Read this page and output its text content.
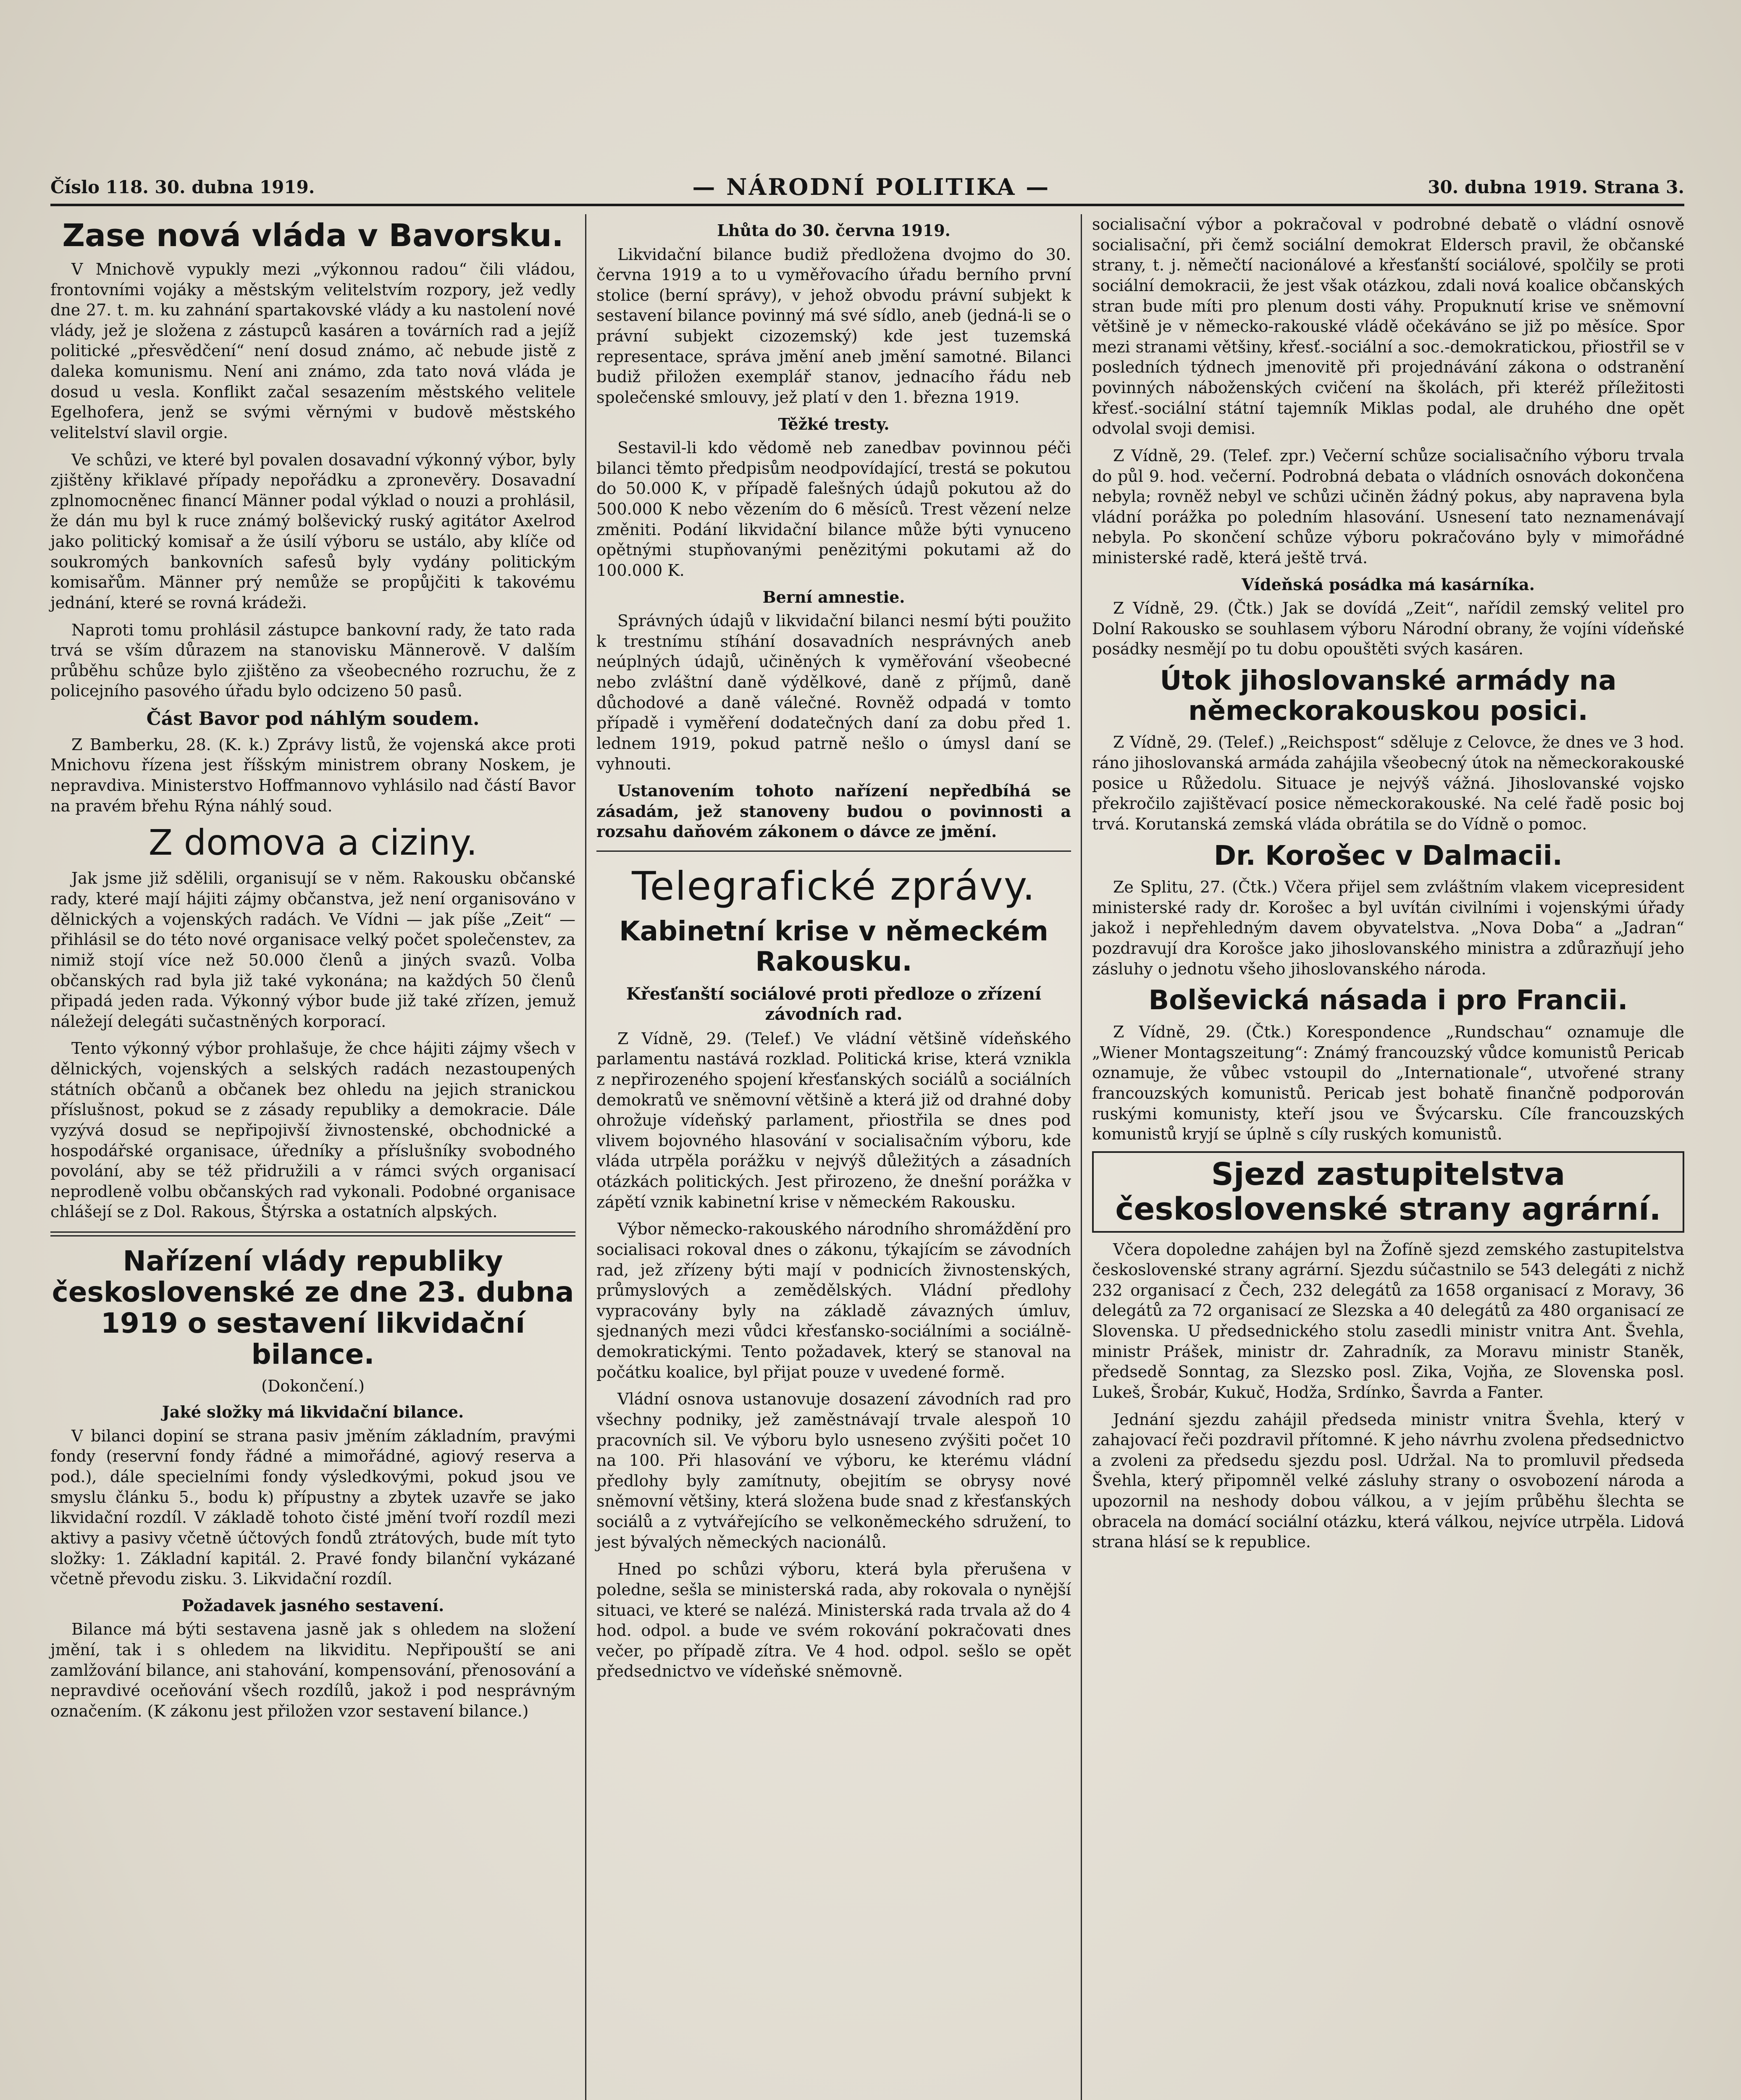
Číslo 118. 30. dubna 1919.	— NÁRODNÍ POLITIKA —	30. dubna 1919. Strana 3.
Zase nová vláda v Bavorsku.

V Mnichově vypukly mezi „výkonnou radou“ čili vládou, frontovními vojáky a městským velitelstvím rozpory, jež vedly dne 27. t. m. ku zahnání spartakovské vlády a ku nastolení nové vlády, jež je složena z zástupců kasáren a továrních rad a jejíž politické „přesvědčení“ není dosud známo, ač nebude jistě z daleka komunismu. Není ani známo, zda tato nová vláda je dosud u vesla. Konflikt začal sesazením městského velitele Egelhofera, jenž se svými věrnými v budově městského velitelství slavil orgie.

Ve schůzi, ve které byl povalen dosavadní výkonný výbor, byly zjištěny křiklavé případy nepořádku a zpronevěry. Dosavadní zplnomocněnec financí Männer podal výklad o nouzi a prohlásil, že dán mu byl k ruce známý bolševický ruský agitátor Axelrod jako politický komisař a že úsilí výboru se ustálo, aby klíče od soukromých bankovních safesů byly vydány politickým komisařům. Männer prý nemůže se propůjčiti k takovému jednání, které se rovná krádeži.

Naproti tomu prohlásil zástupce bankovní rady, že tato rada trvá se vším důrazem na stanovisku Männerově. V dalším průběhu schůze bylo zjištěno za všeobecného rozruchu, že z policejního pasového úřadu bylo odcizeno 50 pasů.

Část Bavor pod náhlým soudem.

Z Bamberku, 28. (K. k.) Zprávy listů, že vojenská akce proti Mnichovu řízena jest říšským ministrem obrany Noskem, je nepravdiva. Ministerstvo Hoffmannovo vyhlásilo nad částí Bavor na pravém břehu Rýna náhlý soud.

Z domova a ciziny.

Jak jsme již sdělili, organisují se v něm. Rakousku občanské rady, které mají hájiti zájmy občanstva, jež není organisováno v dělnických a vojenských radách. Ve Vídni — jak píše „Zeit“ — přihlásil se do této nové organisace velký počet společenstev, za nimiž stojí více než 50.000 členů a jiných svazů. Volba občanských rad byla již také vykonána; na každých 50 členů připadá jeden rada. Výkonný výbor bude již také zřízen, jemuž náležejí delegáti sučastněných korporací.

Tento výkonný výbor prohlašuje, že chce hájiti zájmy všech v dělnických, vojenských a selských radách nezastoupených státních občanů a občanek bez ohledu na jejich stranickou příslušnost, pokud se z zásady republiky a demokracie. Dále vyzývá dosud se nepřipojivší živnostenské, obchodnické a hospodářské organisace, úředníky a příslušníky svobodného povolání, aby se též přidružili a v rámci svých organisací neprodleně volbu občanských rad vykonali. Podobné organisace chlášejí se z Dol. Rakous, Štýrska a ostatních alpských.

Nařízení vlády republiky československé ze dne 23. dubna 1919 o sestavení likvidační bilance.
(Dokončení.)
Jaké složky má likvidační bilance.

V bilanci dopiní se strana pasiv jměním základním, pravými fondy (reservní fondy řádné a mimořádné, agiový reserva a pod.), dále specielními fondy výsledkovými, pokud jsou ve smyslu článku 5., bodu k) přípustny a zbytek uzavře se jako likvidační rozdíl. V základě tohoto čisté jmění tvoří rozdíl mezi aktivy a pasivy včetně účtových fondů ztrátových, bude mít tyto složky: 1. Základní kapitál. 2. Pravé fondy bilanční vykázané včetně převodu zisku. 3. Likvidační rozdíl.

Požadavek jasného sestavení.

Bilance má býti sestavena jasně jak s ohledem na složení jmění, tak i s ohledem na likviditu. Nepřipouští se ani zamlžování bilance, ani stahování, kompensování, přenosování a nepravdivé oceňování všech rozdílů, jakož i pod nesprávným označením. (K zákonu jest přiložen vzor sestavení bilance.)

Lhůta do 30. června 1919.

Likvidační bilance budiž předložena dvojmo do 30. června 1919 a to u vyměřovacího úřadu berního první stolice (berní správy), v jehož obvodu právní subjekt k sestavení bilance povinný má své sídlo, aneb (jedná-li se o právní subjekt cizozemský) kde jest tuzemská representace, správa jmění aneb jmění samotné. Bilanci budiž přiložen exemplář stanov, jednacího řádu neb společenské smlouvy, jež platí v den 1. března 1919.

Těžké tresty.

Sestavil-li kdo vědomě neb zanedbav povinnou péči bilanci těmto předpisům neodpovídající, trestá se pokutou do 50.000 K, v případě falešných údajů pokutou až do 500.000 K nebo vězením do 6 měsíců. Trest vězení nelze změniti. Podání likvidační bilance může býti vynuceno opětnými stupňovanými penězitými pokutami až do 100.000 K.

Berní amnestie.

Správných údajů v likvidační bilanci nesmí býti použito k trestnímu stíhání dosavadních nesprávných aneb neúplných údajů, učiněných k vyměřování všeobecné nebo zvláštní daně výdělkové, daně z příjmů, daně důchodové a daně válečné. Rovněž odpadá v tomto případě i vyměření dodatečných daní za dobu před 1. lednem 1919, pokud patrně nešlo o úmysl daní se vyhnouti.

Ustanovením tohoto nařízení nepředbíhá se zásadám, jež stanoveny budou o povinnosti a rozsahu daňovém zákonem o dávce ze jmění.

Telegrafické zprávy.
Kabinetní krise v německém Rakousku.
Křesťanští sociálové proti předloze o zřízení závodních rad.

Z Vídně, 29. (Telef.) Ve vládní většině vídeňského parlamentu nastává rozklad. Politická krise, která vznikla z nepřirozeného spojení křesťanských sociálů a sociálních demokratů ve sněmovní většině a která již od drahné doby ohrožuje vídeňský parlament, přiostřila se dnes pod vlivem bojovného hlasování v socialisačním výboru, kde vláda utrpěla porážku v nejvýš důležitých a zásadních otázkách politických. Jest přirozeno, že dnešní porážka v zápětí vznik kabinetní krise v německém Rakousku.

Výbor německo-rakouského národního shromáždění pro socialisaci rokoval dnes o zákonu, týkajícím se závodních rad, jež zřízeny býti mají v podnicích živnostenských, průmyslových a zemědělských. Vládní předlohy vypracovány byly na základě závazných úmluv, sjednaných mezi vůdci křesťansko-sociálními a sociálně-demokratickými. Tento požadavek, který se stanoval na počátku koalice, byl přijat pouze v uvedené formě.

Vládní osnova ustanovuje dosazení závodních rad pro všechny podniky, jež zaměstnávají trvale alespoň 10 pracovních sil. Ve výboru bylo usneseno zvýšiti počet 10 na 100. Při hlasování ve výboru, ke kterému vládní předlohy byly zamítnuty, obejitím se obrysy nové sněmovní většiny, která složena bude snad z křesťanských sociálů a z vytvářejícího se velkoněmeckého sdružení, to jest bývalých německých nacionálů.

Hned po schůzi výboru, která byla přerušena v poledne, sešla se ministerská rada, aby rokovala o nynější situaci, ve které se nalézá. Ministerská rada trvala až do 4 hod. odpol. a bude ve svém rokování pokračovati dnes večer, po případě zítra. Ve 4 hod. odpol. sešlo se opět předsednictvo ve vídeňské sněmovně.

socialisační výbor a pokračoval v podrobné debatě o vládní osnově socialisační, při čemž sociální demokrat Eldersch pravil, že občanské strany, t. j. němečtí nacionálové a křesťanští sociálové, spolčily se proti sociální demokracii, že jest však otázkou, zdali nová koalice občanských stran bude míti pro plenum dosti váhy. Propuknutí krise ve sněmovní většině je v německo-rakouské vládě očekáváno se již po měsíce. Spor mezi stranami většiny, křesť.-sociální a soc.-demokratickou, přiostřil se v posledních týdnech jmenovitě při projednávání zákona o odstranění povinných náboženských cvičení na školách, při kteréž příležitosti křesť.-sociální státní tajemník Miklas podal, ale druhého dne opět odvolal svoji demisi.

Z Vídně, 29. (Telef. zpr.) Večerní schůze socialisačního výboru trvala do půl 9. hod. večerní. Podrobná debata o vládních osnovách dokončena nebyla; rovněž nebyl ve schůzi učiněn žádný pokus, aby napravena byla vládní porážka po poledním hlasování. Usnesení tato neznamenávají nebyla. Po skončení schůze výboru pokračováno byly v mimořádné ministerské radě, která ještě trvá.

Vídeňská posádka má kasárníka.

Z Vídně, 29. (Čtk.) Jak se dovídá „Zeit“, nařídil zemský velitel pro Dolní Rakousko se souhlasem výboru Národní obrany, že vojíni vídeňské posádky nesmějí po tu dobu opouštěti svých kasáren.

Útok jihoslovanské armády na německorakouskou posici.

Z Vídně, 29. (Telef.) „Reichspost“ sděluje z Celovce, že dnes ve 3 hod. ráno jihoslovanská armáda zahájila všeobecný útok na německorakouské posice u Růžedolu. Situace je nejvýš vážná. Jihoslovanské vojsko překročilo zajištěvací posice německorakouské. Na celé řadě posic boj trvá. Korutanská zemská vláda obrátila se do Vídně o pomoc.

Dr. Korošec v Dalmacii.

Ze Splitu, 27. (Čtk.) Včera přijel sem zvláštním vlakem vicepresident ministerské rady dr. Korošec a byl uvítán civilními i vojenskými úřady jakož i nepřehledným davem obyvatelstva. „Nova Doba“ a „Jadran“ pozdravují dra Korošce jako jihoslovanského ministra a zdůrazňují jeho zásluhy o jednotu všeho jihoslovanského národa.

Bolševická násada i pro Francii.

Z Vídně, 29. (Čtk.) Korespondence „Rundschau“ oznamuje dle „Wiener Montagszeitung“: Známý francouzský vůdce komunistů Pericab oznamuje, že vůbec vstoupil do „Internationale“, utvořené strany francouzských komunistů. Pericab jest bohatě finančně podporován ruskými komunisty, kteří jsou ve Švýcarsku. Cíle francouzských komunistů kryjí se úplně s cíly ruských komunistů.

Sjezd zastupitelstva československé strany agrární.

Včera dopoledne zahájen byl na Žofíně sjezd zemského zastupitelstva československé strany agrární. Sjezdu súčastnilo se 543 delegáti z nichž 232 organisací z Čech, 232 delegátů za 1658 organisací z Moravy, 36 delegátů za 72 organisací ze Slezska a 40 delegátů za 480 organisací ze Slovenska. U předsednického stolu zasedli ministr vnitra Ant. Švehla, ministr Prášek, ministr dr. Zahradník, za Moravu ministr Staněk, předsedě Sonntag, za Slezsko posl. Zika, Vojňa, ze Slovenska posl. Lukeš, Šrobár, Kukuč, Hodža, Srdínko, Šavrda a Fanter.

Jednání sjezdu zahájil předseda ministr vnitra Švehla, který v zahajovací řeči pozdravil přítomné. K jeho návrhu zvolena předsednictvo a zvoleni za předsedu sjezdu posl. Udržal. Na to promluvil předseda Švehla, který připomněl velké zásluhy strany o osvobození národa a upozornil na neshody dobou válkou, a v jejím průběhu šlechta se obracela na domácí sociální otázku, která válkou, nejvíce utrpěla. Lidová strana hlásí se k republice.
